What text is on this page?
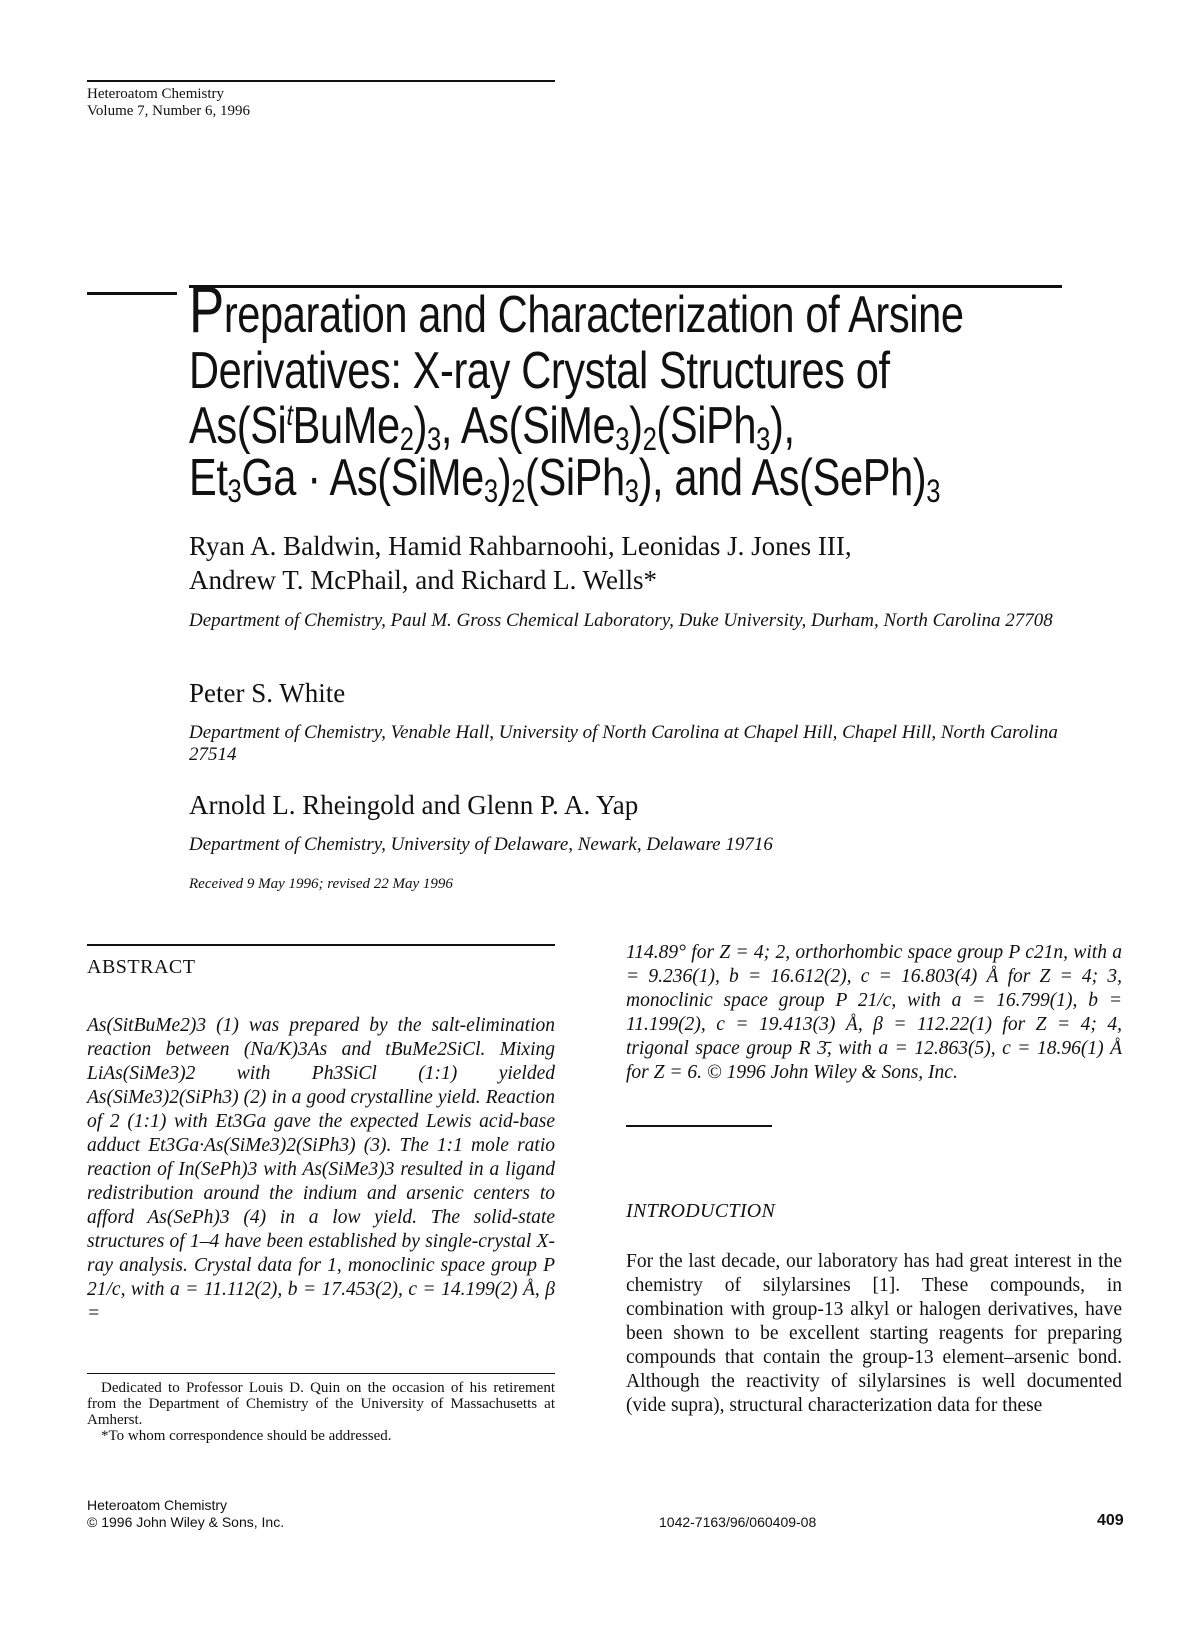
Heteroatom Chemistry
Volume 7, Number 6, 1996
Preparation and Characterization of Arsine
Derivatives: X-ray Crystal Structures of
$As(Si^tBuMe_2)_3$, $As(SiMe_3)_2(SiPh_3)$,
$Et_3Ga$ · $As(SiMe_3)_2(SiPh_3)$, and $As(SePh)_3$
Ryan A. Baldwin, Hamid Rahbarnoohi, Leonidas J. Jones III,
Andrew T. McPhail, and Richard L. Wells*
Department of Chemistry, Paul M. Gross Chemical Laboratory, Duke University, Durham, North Carolina 27708
Peter S. White
Department of Chemistry, Venable Hall, University of North Carolina at Chapel Hill, Chapel Hill, North Carolina 27514
Arnold L. Rheingold and Glenn P. A. Yap
Department of Chemistry, University of Delaware, Newark, Delaware 19716
Received 9 May 1996; revised 22 May 1996
ABSTRACT
As(SitBuMe2)3 (1) was prepared by the salt-elimination reaction between (Na/K)3As and tBuMe2SiCl. Mixing LiAs(SiMe3)2 with Ph3SiCl (1:1) yielded As(SiMe3)2(SiPh3) (2) in a good crystalline yield. Reaction of 2 (1:1) with Et3Ga gave the expected Lewis acid-base adduct Et3Ga·As(SiMe3)2(SiPh3) (3). The 1:1 mole ratio reaction of In(SePh)3 with As(SiMe3)3 resulted in a ligand redistribution around the indium and arsenic centers to afford As(SePh)3 (4) in a low yield. The solid-state structures of 1–4 have been established by single-crystal X-ray analysis. Crystal data for 1, monoclinic space group P 21/c, with a = 11.112(2), b = 17.453(2), c = 14.199(2) Å, β =
114.89° for Z = 4; 2, orthorhombic space group P c21n, with a = 9.236(1), b = 16.612(2), c = 16.803(4) Å for Z = 4; 3, monoclinic space group P 21/c, with a = 16.799(1), b = 11.199(2), c = 19.413(3) Å, β = 112.22(1) for Z = 4; 4, trigonal space group R 3̄, with a = 12.863(5), c = 18.96(1) Å for Z = 6. © 1996 John Wiley & Sons, Inc.
Dedicated to Professor Louis D. Quin on the occasion of his retirement from the Department of Chemistry of the University of Massachusetts at Amherst.
*To whom correspondence should be addressed.
INTRODUCTION
For the last decade, our laboratory has had great interest in the chemistry of silylarsines [1]. These compounds, in combination with group-13 alkyl or halogen derivatives, have been shown to be excellent starting reagents for preparing compounds that contain the group-13 element–arsenic bond. Although the reactivity of silylarsines is well documented (vide supra), structural characterization data for these
Heteroatom Chemistry
© 1996 John Wiley & Sons, Inc.	1042-7163/96/060409-08	409
